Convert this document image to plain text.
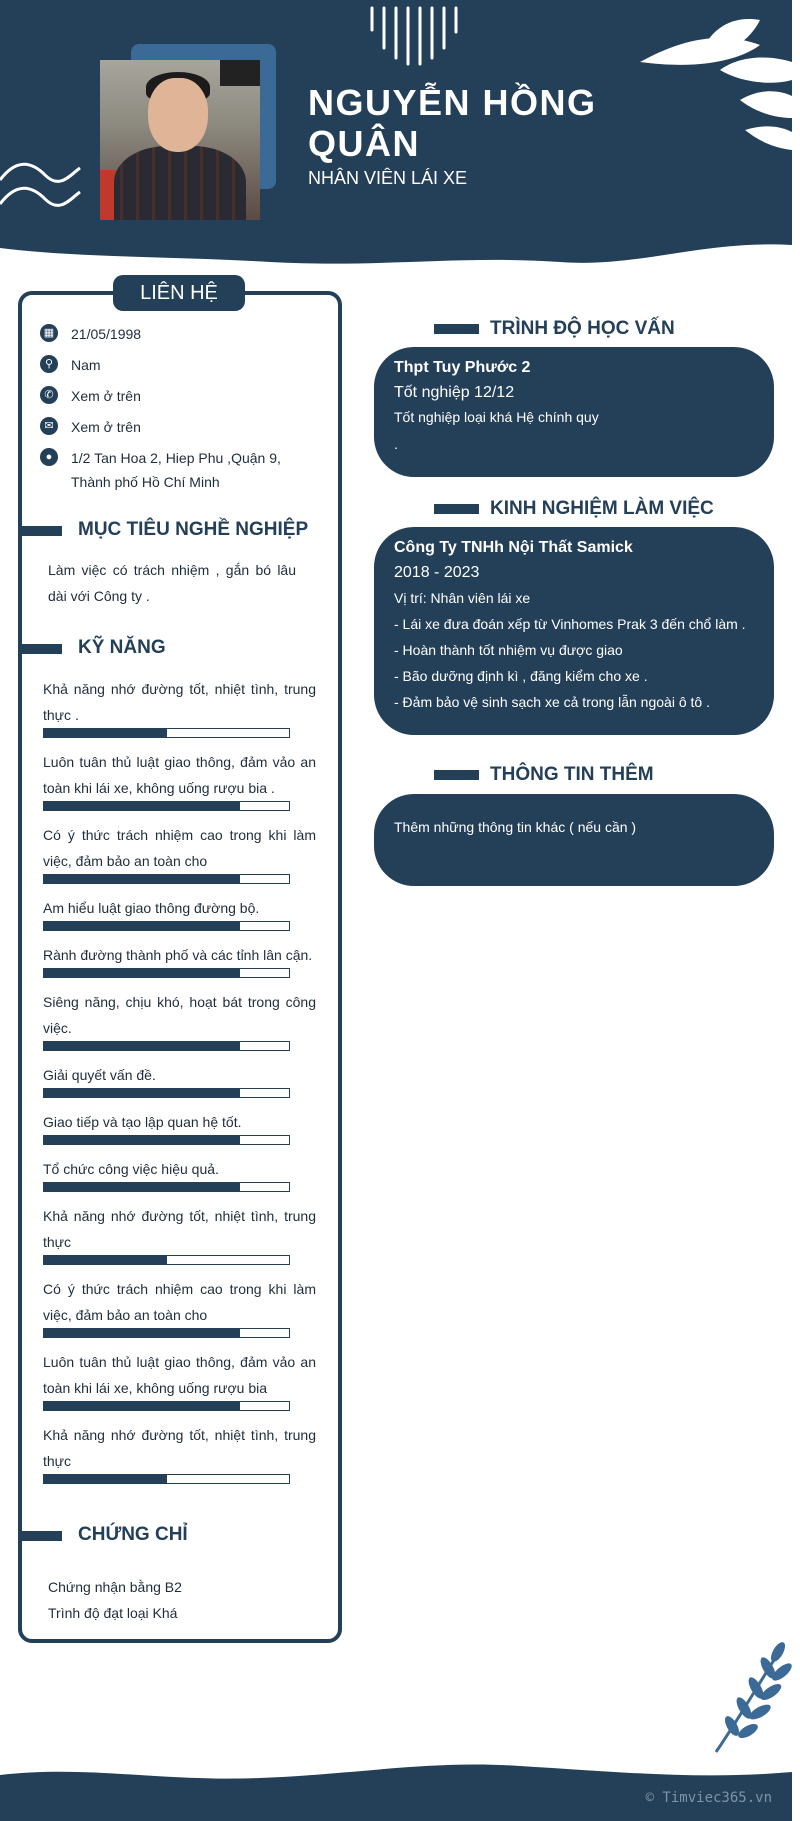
NGUYỄN HỒNG QUÂN
NHÂN VIÊN LÁI XE
LIÊN HỆ
▦ 21/05/1998
⚲	Nam
✆	Xem ở trên
✉	Xem ở trên
●	1/2 Tan Hoa 2, Hiep Phu ,Quận 9, Thành phố Hồ Chí Minh
MỤC TIÊU NGHỀ NGHIỆP
Làm việc có trách nhiệm , gắn bó lâu dài với Công ty .
KỸ NĂNG
Khả năng nhớ đường tốt, nhiệt tình, trung thực .
Luôn tuân thủ luật giao thông, đảm vảo an toàn khi lái xe, không uống rượu bia .
Có ý thức trách nhiệm cao trong khi làm việc, đảm bảo an toàn cho
Am hiểu luật giao thông đường bộ.
Rành đường thành phố và các tỉnh lân cận.
Siêng năng, chịu khó, hoạt bát trong công việc.
Giải quyết vấn đề.
Giao tiếp và tạo lập quan hệ tốt.
Tổ chức công việc hiệu quả.
Khả năng nhớ đường tốt, nhiệt tình, trung thực
Có ý thức trách nhiệm cao trong khi làm việc, đảm bảo an toàn cho
Luôn tuân thủ luật giao thông, đảm vảo an toàn khi lái xe, không uống rượu bia
Khả năng nhớ đường tốt, nhiệt tình, trung thực
CHỨNG CHỈ
Chứng nhận bằng B2
Trình độ đạt loại Khá
TRÌNH ĐỘ HỌC VẤN
Thpt Tuy Phước 2
Tốt nghiệp 12/12
Tốt nghiệp loại khá Hệ chính quy
.
KINH NGHIỆM LÀM VIỆC
Công Ty TNHh Nội Thất Samick
2018 - 2023
Vị trí: Nhân viên lái xe
- Lái xe đưa đoán xếp từ Vinhomes Prak 3 đến chổ làm .
- Hoàn thành tốt nhiệm vụ được giao
- Bão dưỡng định kì , đăng kiểm cho xe .
- Đảm bảo vệ sinh sạch xe cả trong lẫn ngoài ô tô .
THÔNG TIN THÊM
Thêm những thông tin khác ( nếu cần )
© Timviec365.vn
